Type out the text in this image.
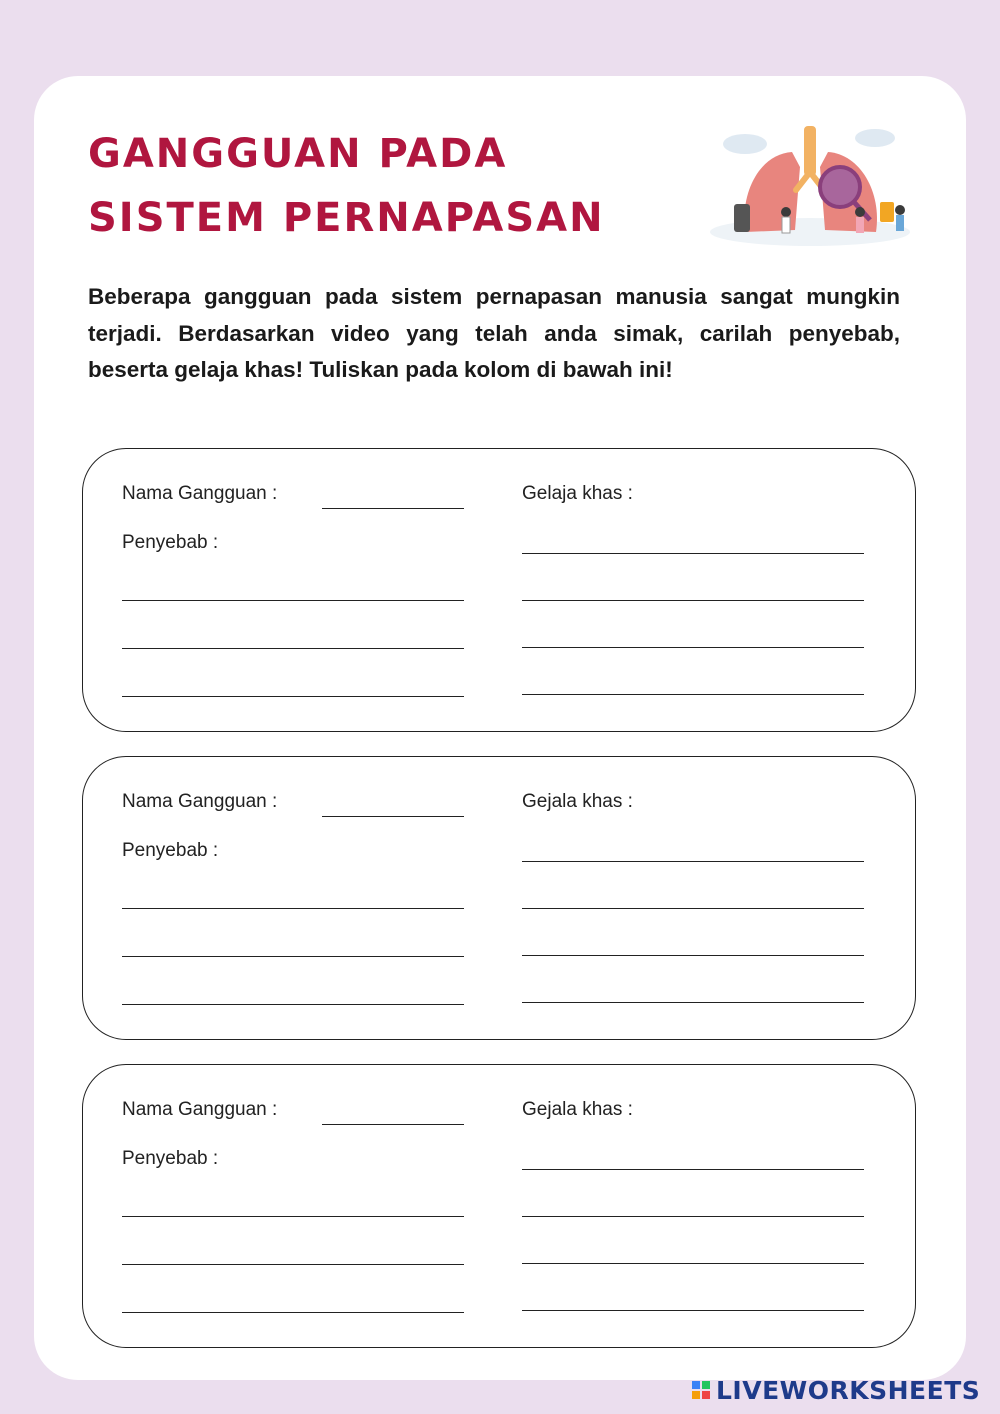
GANGGUAN PADA SISTEM PERNAPASAN

Beberapa gangguan pada sistem pernapasan manusia sangat mungkin terjadi. Berdasarkan video yang telah anda simak, carilah penyebab, beserta gelaja khas! Tuliskan pada kolom di bawah ini!

Nama Gangguan :
Penyebab :
Gelaja khas :
Nama Gangguan :
Penyebab :
Gejala khas :
Nama Gangguan :
Penyebab :
Gejala khas :
LIVEWORKSHEETS
